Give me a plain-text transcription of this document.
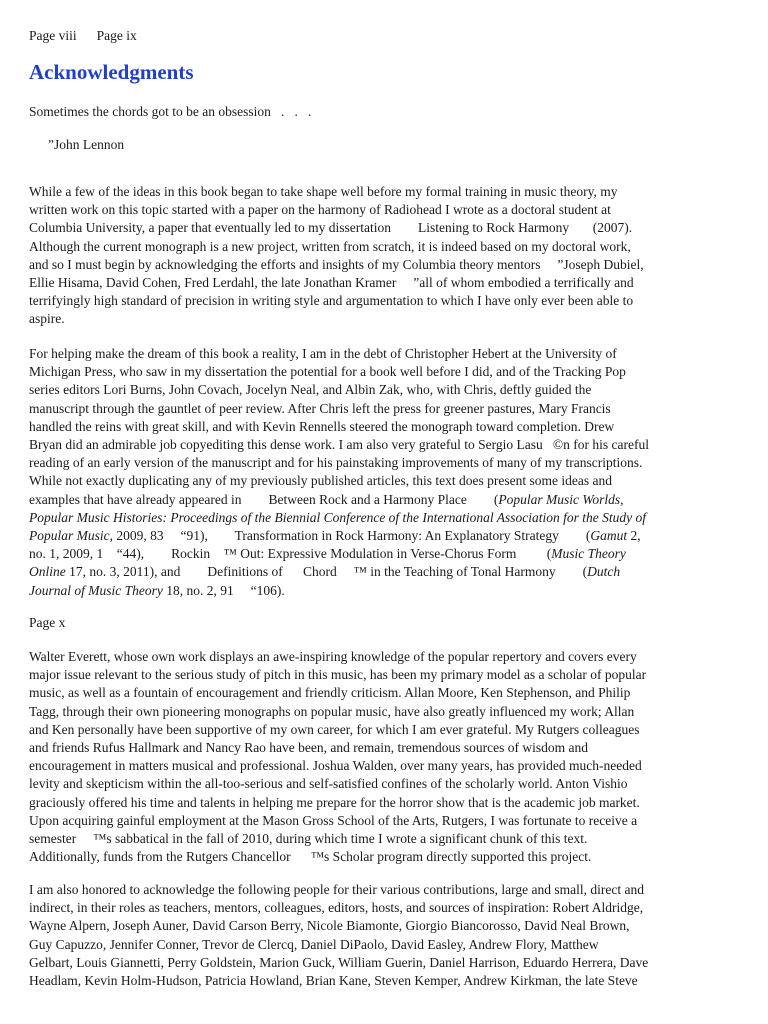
Page viii Page ix
Acknowledgments
Sometimes the chords got to be an obsession   .   .   .
”John Lennon
While a few of the ideas in this book began to take shape well before my formal training in music theory, my
written work on this topic started with a paper on the harmony of Radiohead I wrote as a doctoral student at
Columbia University, a paper that eventually led to my dissertation        Listening to Rock Harmony       (2007).
Although the current monograph is a new project, written from scratch, it is indeed based on my doctoral work,
and so I must begin by acknowledging the efforts and insights of my Columbia theory mentors     ”Joseph Dubiel,
Ellie Hisama, David Cohen, Fred Lerdahl, the late Jonathan Kramer     ”all of whom embodied a terrifically and
terrifyingly high standard of precision in writing style and argumentation to which I have only ever been able to
aspire.
For helping make the dream of this book a reality, I am in the debt of Christopher Hebert at the University of
Michigan Press, who saw in my dissertation the potential for a book well before I did, and of the Tracking Pop
series editors Lori Burns, John Covach, Jocelyn Neal, and Albin Zak, who, with Chris, deftly guided the
manuscript through the gauntlet of peer review. After Chris left the press for greener pastures, Mary Francis
handled the reins with great skill, and with Kevin Rennells steered the monograph toward completion. Drew
Bryan did an admirable job copyediting this dense work. I am also very grateful to Sergio Lasu   ©n for his careful
reading of an early version of the manuscript and for his painstaking improvements of many of my transcriptions.
While not exactly duplicating any of my previously published articles, this text does present some ideas and
examples that have already appeared in        Between Rock and a Harmony Place        (Popular Music Worlds,
Popular Music Histories: Proceedings of the Biennial Conference of the International Association for the Study of
Popular Music, 2009, 83     “91),        Transformation in Rock Harmony: An Explanatory Strategy        (Gamut 2,
no. 1, 2009, 1    “44),        Rockin    ™ Out: Expressive Modulation in Verse-Chorus Form         (Music Theory
Online 17, no. 3, 2011), and        Definitions of      Chord     ™ in the Teaching of Tonal Harmony        (Dutch
Journal of Music Theory 18, no. 2, 91     “106).
Page x
Walter Everett, whose own work displays an awe-inspiring knowledge of the popular repertory and covers every
major issue relevant to the serious study of pitch in this music, has been my primary model as a scholar of popular
music, as well as a fountain of encouragement and friendly criticism. Allan Moore, Ken Stephenson, and Philip
Tagg, through their own pioneering monographs on popular music, have also greatly influenced my work; Allan
and Ken personally have been supportive of my own career, for which I am ever grateful. My Rutgers colleagues
and friends Rufus Hallmark and Nancy Rao have been, and remain, tremendous sources of wisdom and
encouragement in matters musical and professional. Joshua Walden, over many years, has provided much-needed
levity and skepticism within the all-too-serious and self-satisfied confines of the scholarly world. Anton Vishio
graciously offered his time and talents in helping me prepare for the horror show that is the academic job market.
Upon acquiring gainful employment at the Mason Gross School of the Arts, Rutgers, I was fortunate to receive a
semester     ™s sabbatical in the fall of 2010, during which time I wrote a significant chunk of this text.
Additionally, funds from the Rutgers Chancellor      ™s Scholar program directly supported this project.
I am also honored to acknowledge the following people for their various contributions, large and small, direct and
indirect, in their roles as teachers, mentors, colleagues, editors, hosts, and sources of inspiration: Robert Aldridge,
Wayne Alpern, Joseph Auner, David Carson Berry, Nicole Biamonte, Giorgio Biancorosso, David Neal Brown,
Guy Capuzzo, Jennifer Conner, Trevor de Clercq, Daniel DiPaolo, David Easley, Andrew Flory, Matthew
Gelbart, Louis Giannetti, Perry Goldstein, Marion Guck, William Guerin, Daniel Harrison, Eduardo Herrera, Dave
Headlam, Kevin Holm-Hudson, Patricia Howland, Brian Kane, Steven Kemper, Andrew Kirkman, the late Steve
